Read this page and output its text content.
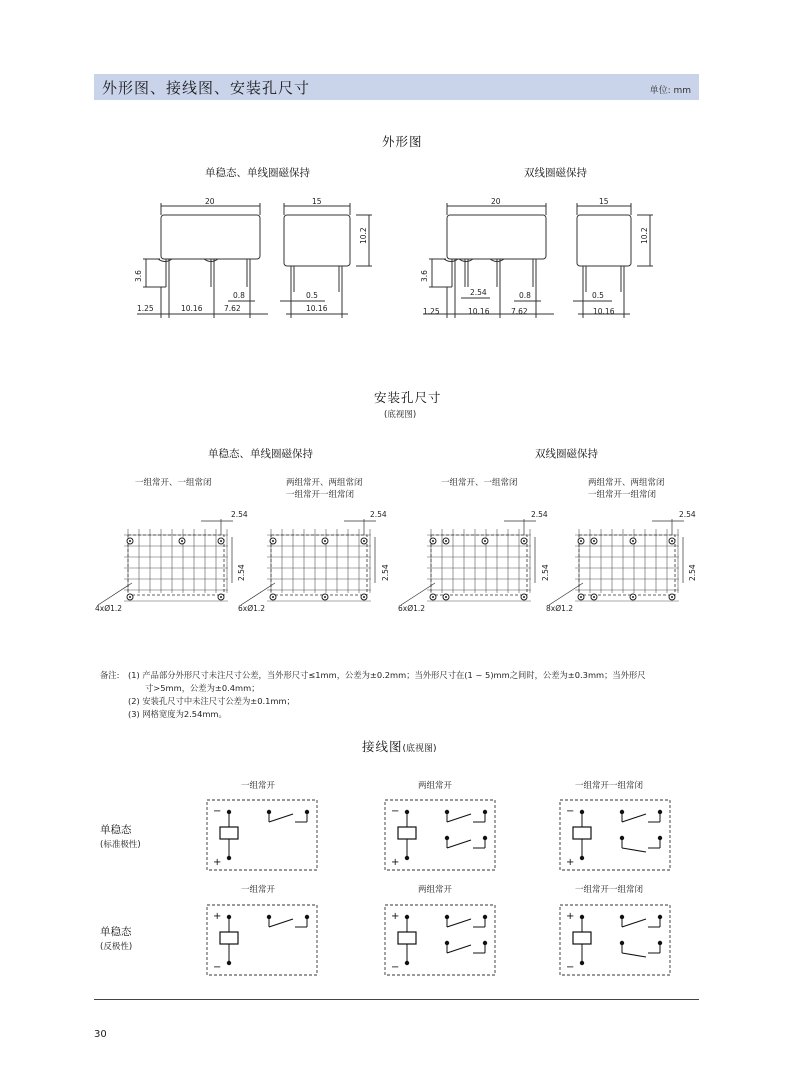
外形图、接线图、安装孔尺寸	单位: mm
外形图
单稳态、单线圈磁保持	双线圈磁保持
20	15
10.2
3.6
0.8	0.5
1.25	10.16	7.62	10.16
20	15
10.2
3.6
2.54	0.8	0.5
1.25	10.16	7.62	10.16
安装孔尺寸
(底视图)
单稳态、单线圈磁保持	双线圈磁保持
一组常开、一组常闭	两组常开、两组常闭
一组常开一组常闭
一组常开、一组常闭	两组常开、两组常闭
一组常开一组常闭
2.54
2.54
4xØ1.2
2.54
2.54
6xØ1.2
2.54
2.54
6xØ1.2
2.54
2.54
8xØ1.2
备注: (1) 产品部分外形尺寸未注尺寸公差，当外形尺寸≤1mm，公差为±0.2mm；当外形尺寸在(1 ~ 5)mm之间时，公差为±0.3mm；当外形尺
寸>5mm，公差为±0.4mm；
(2) 安装孔尺寸中未注尺寸公差为±0.1mm；
(3) 网格宽度为2.54mm。
接线图(底视图)
一组常开	两组常开	一组常开一组常闭
一组常开	两组常开	一组常开一组常闭
单稳态
(标准极性)
单稳态
(反极性)
−
+
−
+
−
+
+
−
+
−
+
−
30
